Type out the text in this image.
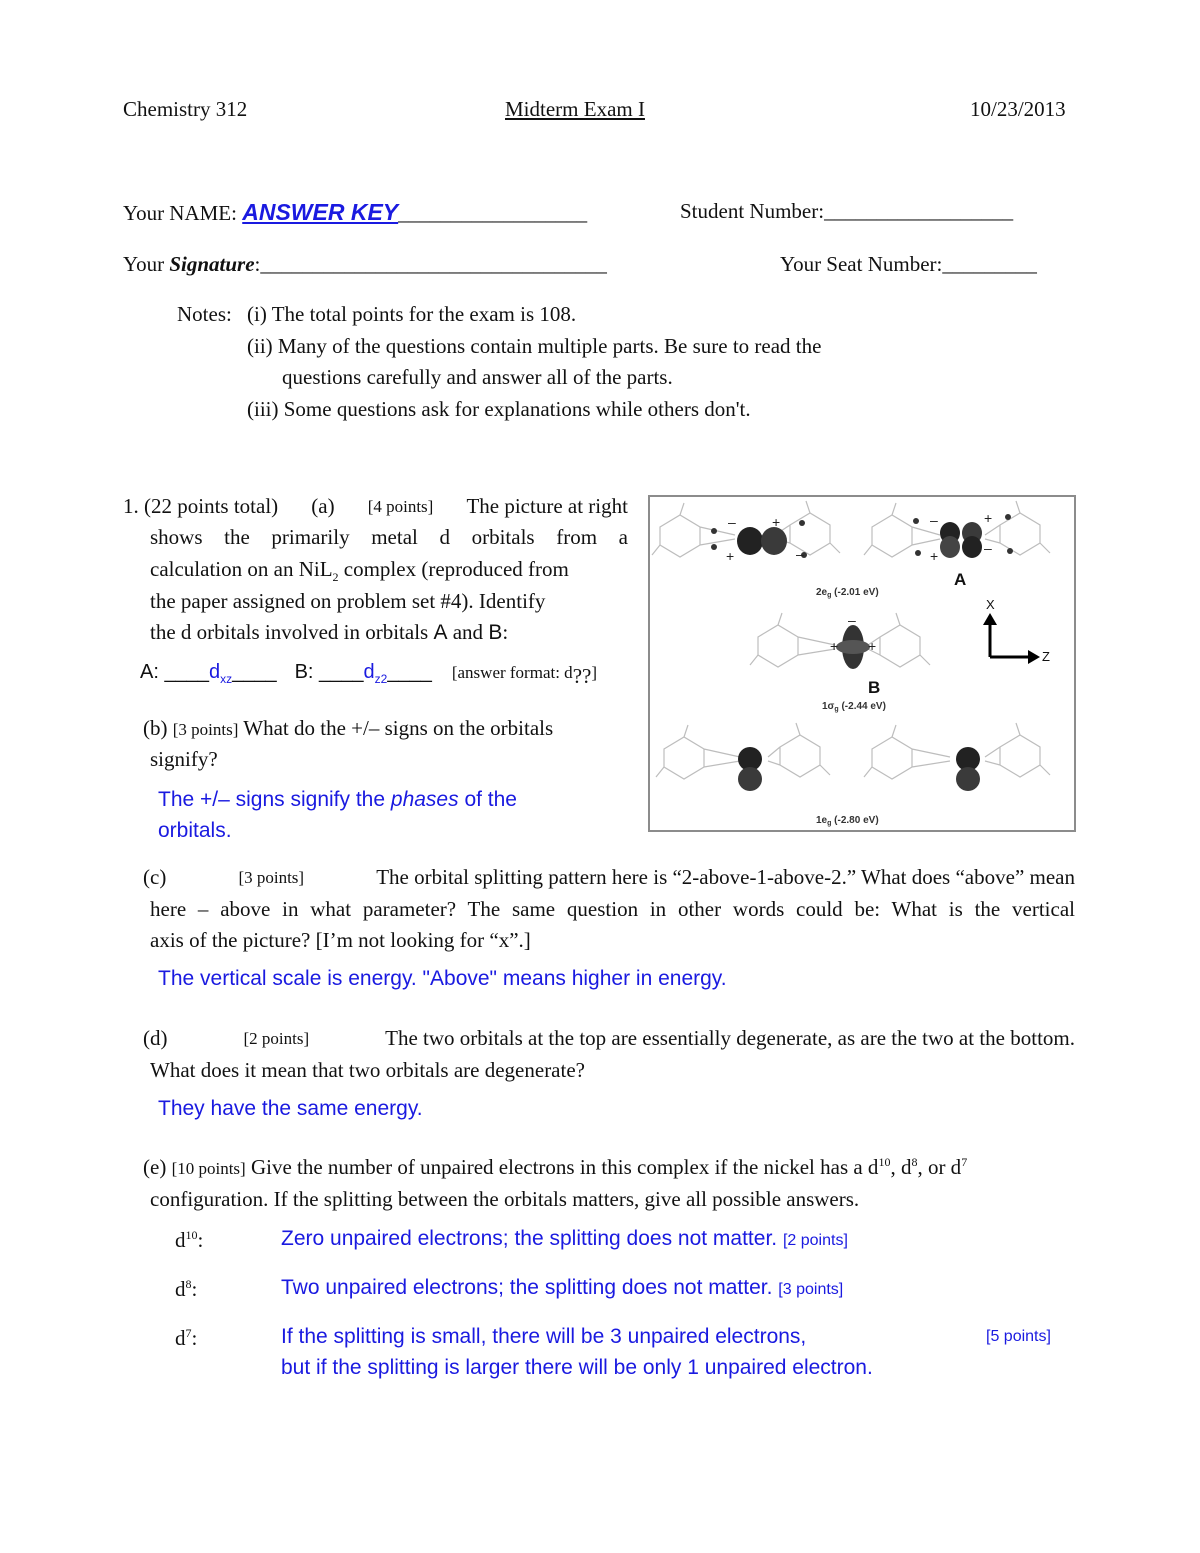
Chemistry 312	Midterm Exam I	10/23/2013
Your NAME: ANSWER KEY__________________	Student Number:__________________
Your Signature:_________________________________	Your Seat Number:_________
Notes: (i) The total points for the exam is 108.
(ii) Many of the questions contain multiple parts. Be sure to read the
questions carefully and answer all of the parts.
(iii) Some questions ask for explanations while others don't.
1. (22 points total) (a) [4 points] The picture at right
shows the primarily metal d orbitals from a
calculation on an NiL$_2$ complex (reproduced from
the paper assigned on problem set #4). Identify
the d orbitals involved in orbitals A and B:
A: $\_\_\_\_d_{xz}\_\_\_\_$ B: $\_\_\_\_d_{z2}\_\_\_\_$ [answer format: $d_{??}$]
(b) [3 points] What do the +/– signs on the orbitals
signify?
The +/– signs signify the phases of the
orbitals.
–	+
+	–
–	+
+	–
–
+ +
A
B
X
Z
$2e_g$ (-2.01 eV)
$1\sigma_g$ (-2.44 eV)
$1e_g$ (-2.80 eV)
(c)	[3 points]	The orbital splitting pattern here is “2-above-1-above-2.” What does “above” mean
here – above in what parameter? The same question in other words could be: What is the vertical
axis of the picture? [I’m not looking for “x”.]
The vertical scale is energy. "Above" means higher in energy.
(d)	[2 points]	The two orbitals at the top are essentially degenerate, as are the two at the bottom.
What does it mean that two orbitals are degenerate?
They have the same energy.
(e) [10 points] Give the number of unpaired electrons in this complex if the nickel has a $d^{10}$, $d^8$, or $d^7$
configuration. If the splitting between the orbitals matters, give all possible answers.
$d^{10}$:	Zero unpaired electrons; the splitting does not matter. [2 points]
$d^8$:	Two unpaired electrons; the splitting does not matter. [3 points]
$d^7$:	If the splitting is small, there will be 3 unpaired electrons,	[5 points]
but if the splitting is larger there will be only 1 unpaired electron.
